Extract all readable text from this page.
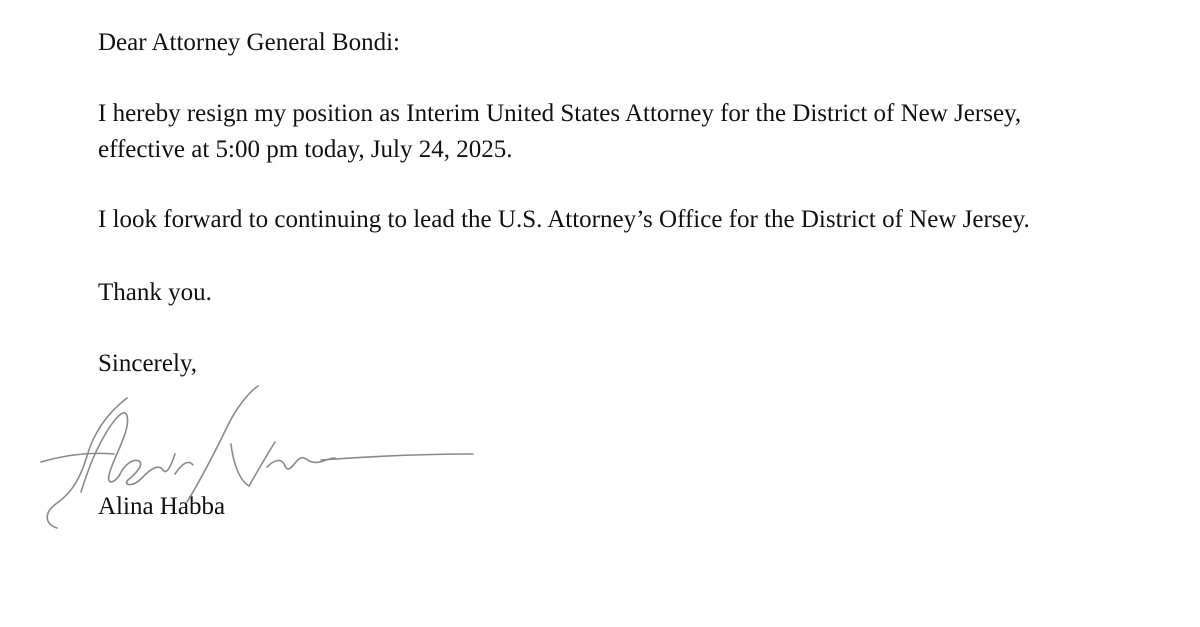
Dear Attorney General Bondi:
I hereby resign my position as Interim United States Attorney for the District of New Jersey,
effective at 5:00 pm today, July 24, 2025.
I look forward to continuing to lead the U.S. Attorney’s Office for the District of New Jersey.
Thank you.
Sincerely,
Alina Habba
